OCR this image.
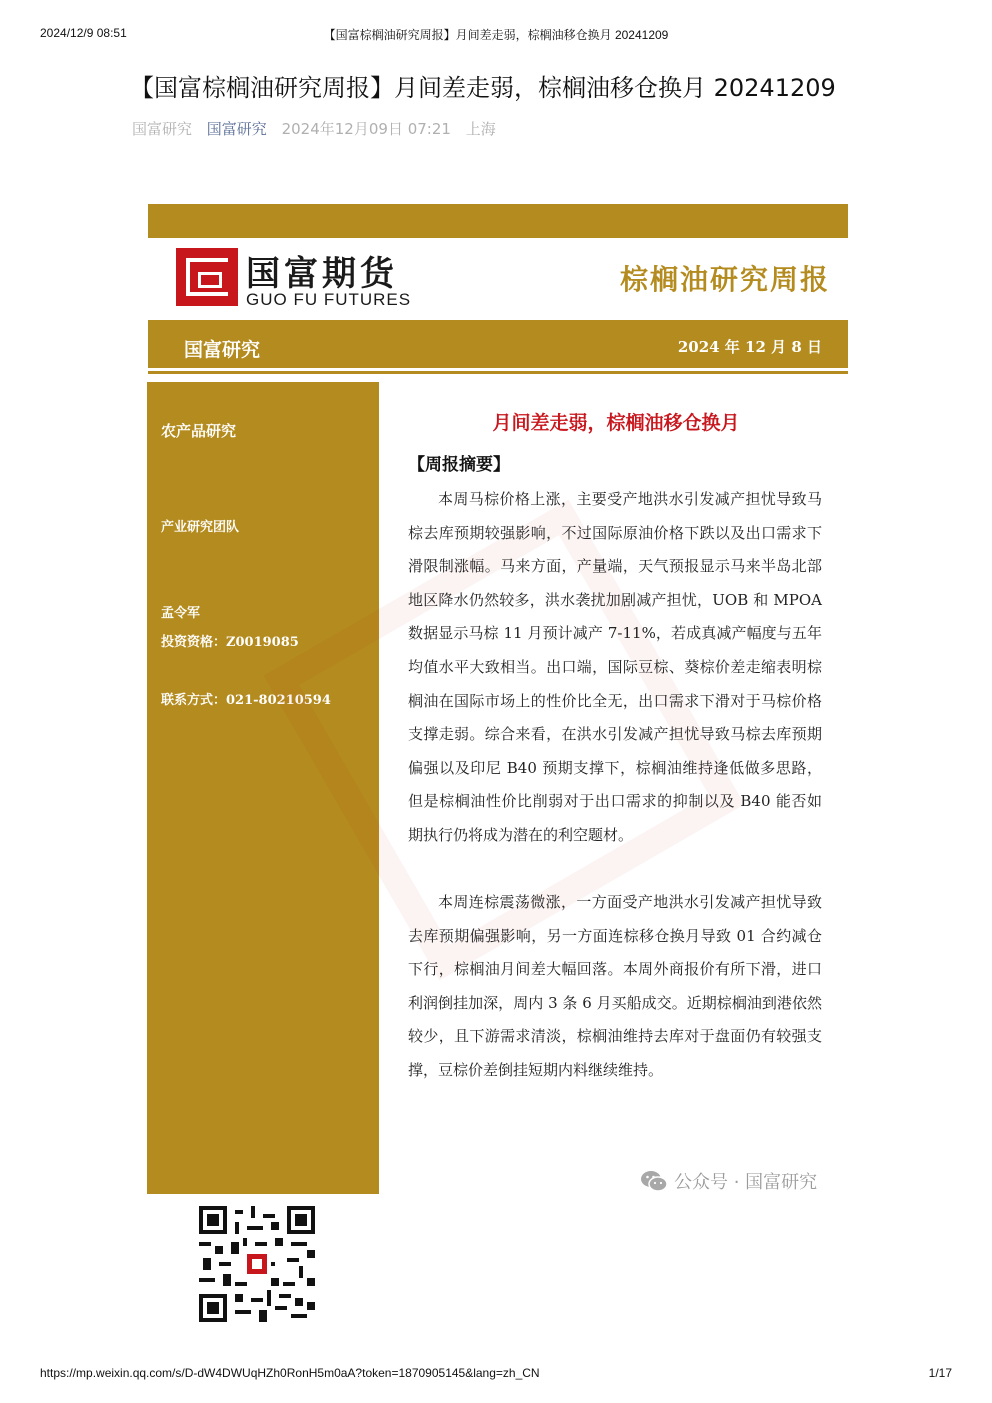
2024/12/9 08:51	【国富棕榈油研究周报】月间差走弱，棕榈油移仓换月 20241209
【国富棕榈油研究周报】月间差走弱，棕榈油移仓换月 20241209
国富研究 国富研究 2024年12月09日 07:21 上海
国富期货
GUO FU FUTURES
棕榈油研究周报
国富研究	2024 年 12 月 8 日
农产品研究
产业研究团队
孟令军
投资资格：Z0019085
联系方式：021-80210594
月间差走弱，棕榈油移仓换月
【周报摘要】

本周马棕价格上涨，主要受产地洪水引发减产担忧导致马棕去库预期较强影响，不过国际原油价格下跌以及出口需求下滑限制涨幅。马来方面，产量端，天气预报显示马来半岛北部地区降水仍然较多，洪水袭扰加剧减产担忧，UOB 和 MPOA 数据显示马棕 11 月预计减产 7-11%，若成真减产幅度与五年均值水平大致相当。出口端，国际豆棕、葵棕价差走缩表明棕榈油在国际市场上的性价比全无，出口需求下滑对于马棕价格支撑走弱。综合来看，在洪水引发减产担忧导致马棕去库预期偏强以及印尼 B40 预期支撑下，棕榈油维持逢低做多思路，但是棕榈油性价比削弱对于出口需求的抑制以及 B40 能否如期执行仍将成为潜在的利空题材。

本周连棕震荡微涨，一方面受产地洪水引发减产担忧导致去库预期偏强影响，另一方面连棕移仓换月导致 01 合约减仓下行，棕榈油月间差大幅回落。本周外商报价有所下滑，进口利润倒挂加深，周内 3 条 6 月买船成交。近期棕榈油到港依然较少，且下游需求清淡，棕榈油维持去库对于盘面仍有较强支撑，豆棕价差倒挂短期内料继续维持。

公众号 · 国富研究
https://mp.weixin.qq.com/s/D-dW4DWUqHZh0RonH5m0aA?token=1870905145&lang=zh_CN	1/17
